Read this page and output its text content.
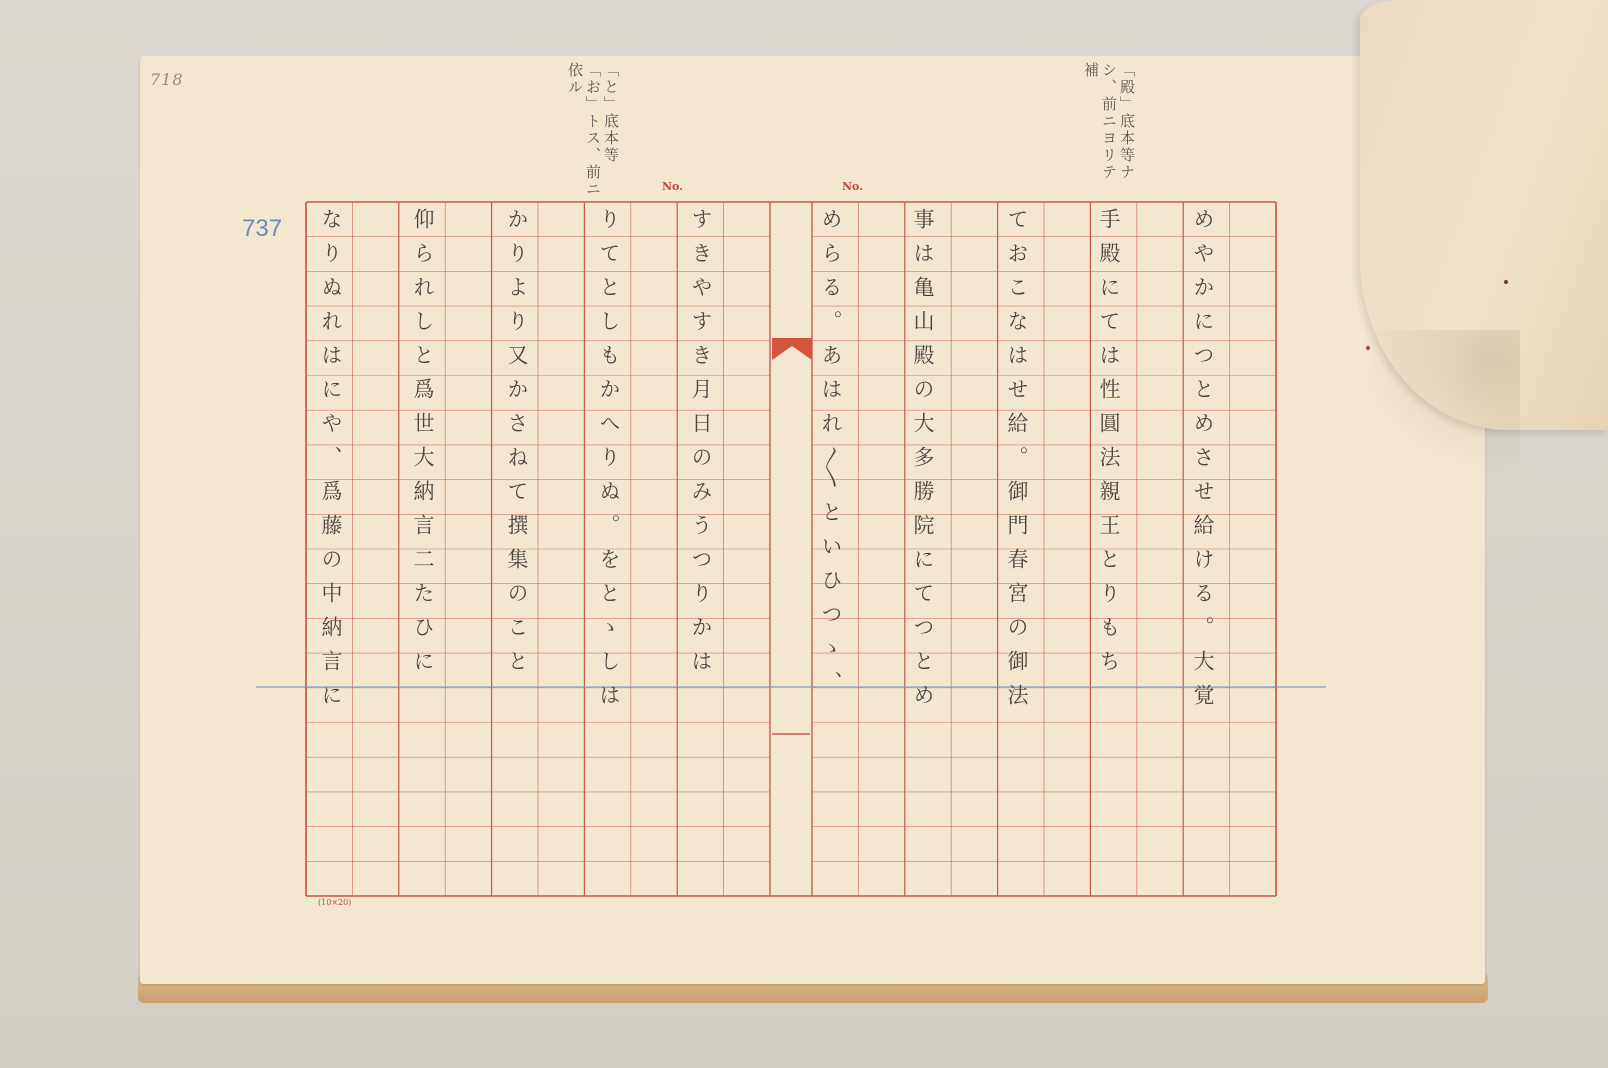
718
737
「殿」底本等ナシ、前ニヨリテ補
「と」底本等「お」トス、前ニ依ル
No.	No.
(10×20)
めやかにつとめさせ給ける。大覚
手殿にては性圓法親王とりもち
ておこなはせ給。御門春宮の御法
事は亀山殿の大多勝院にてつとめ
めらる。あはれ〳〵といひつゝ、
すきやすき月日のみうつりかは
りてとしもかへりぬ。をとゝしは
かりより又かさねて撰集のこと
仰られしと爲世大納言二たひに
なりぬれはにや、爲藤の中納言に
